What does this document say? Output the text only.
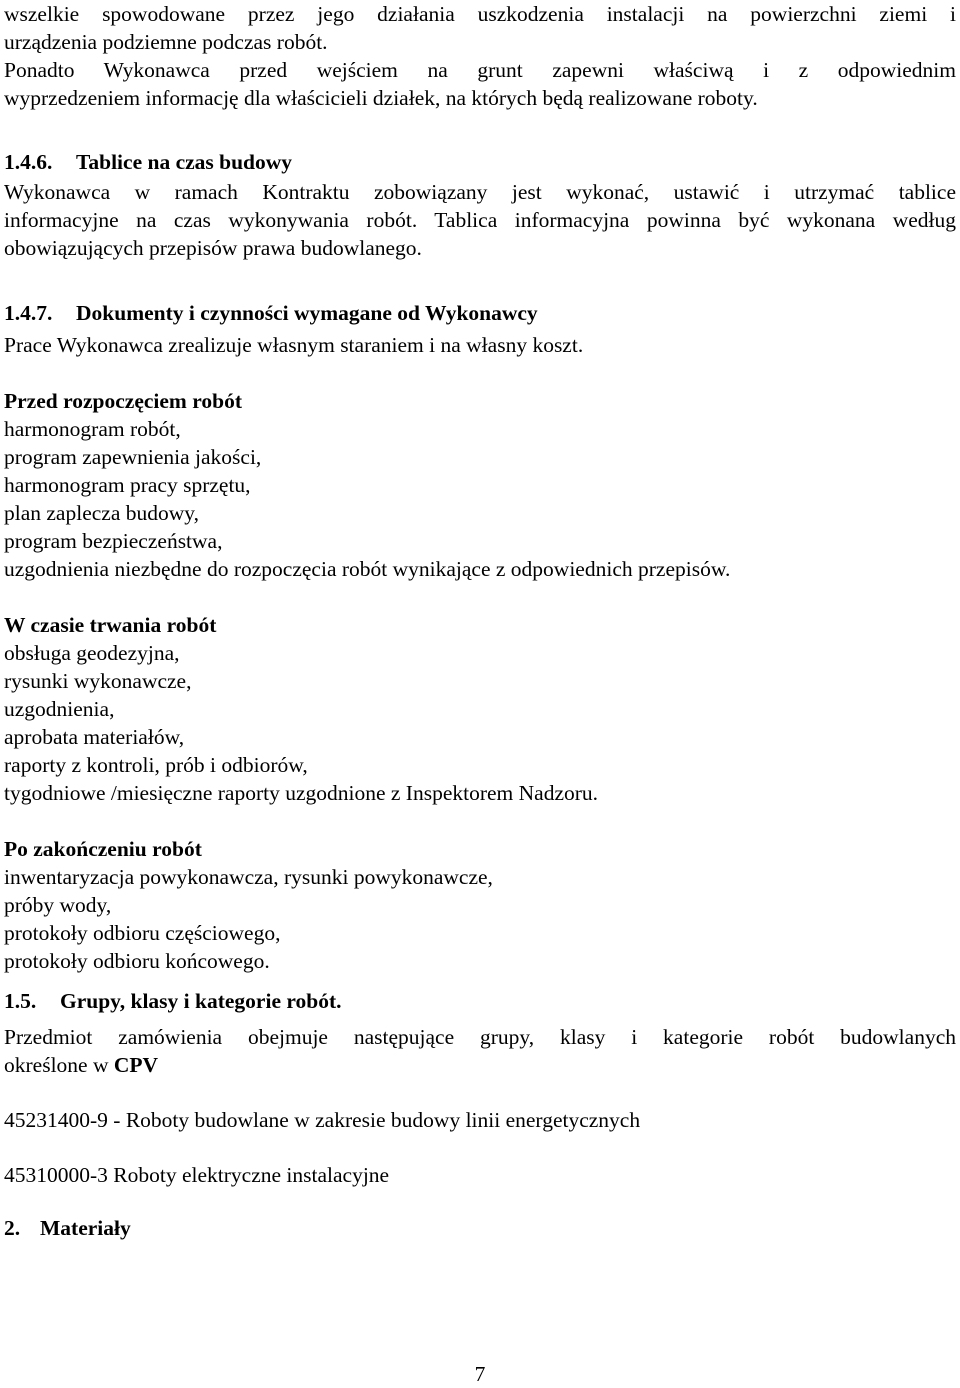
wszelkie spowodowane przez jego działania uszkodzenia instalacji na powierzchni ziemi i
urządzenia podziemne podczas robót.
Ponadto Wykonawca przed wejściem na grunt zapewni właściwą i z odpowiednim
wyprzedzeniem informację dla właścicieli działek, na których będą realizowane roboty.
1.4.6. Tablice na czas budowy
Wykonawca w ramach Kontraktu zobowiązany jest wykonać, ustawić i utrzymać tablice
informacyjne na czas wykonywania robót. Tablica informacyjna powinna być wykonana według
obowiązujących przepisów prawa budowlanego.
1.4.7. Dokumenty i czynności wymagane od Wykonawcy
Prace Wykonawca zrealizuje własnym staraniem i na własny koszt.
Przed rozpoczęciem robót
harmonogram robót,
program zapewnienia jakości,
harmonogram pracy sprzętu,
plan zaplecza budowy,
program bezpieczeństwa,
uzgodnienia niezbędne do rozpoczęcia robót wynikające z odpowiednich przepisów.
W czasie trwania robót
obsługa geodezyjna,
rysunki wykonawcze,
uzgodnienia,
aprobata materiałów,
raporty z kontroli, prób i odbiorów,
tygodniowe /miesięczne raporty uzgodnione z Inspektorem Nadzoru.
Po zakończeniu robót
inwentaryzacja powykonawcza, rysunki powykonawcze,
próby wody,
protokoły odbioru częściowego,
protokoły odbioru końcowego.
1.5. Grupy, klasy i kategorie robót.
Przedmiot zamówienia obejmuje następujące grupy, klasy i kategorie robót budowlanych
określone w CPV
45231400-9 - Roboty budowlane w zakresie budowy linii energetycznych
45310000-3 Roboty elektryczne instalacyjne
2. Materiały
7
